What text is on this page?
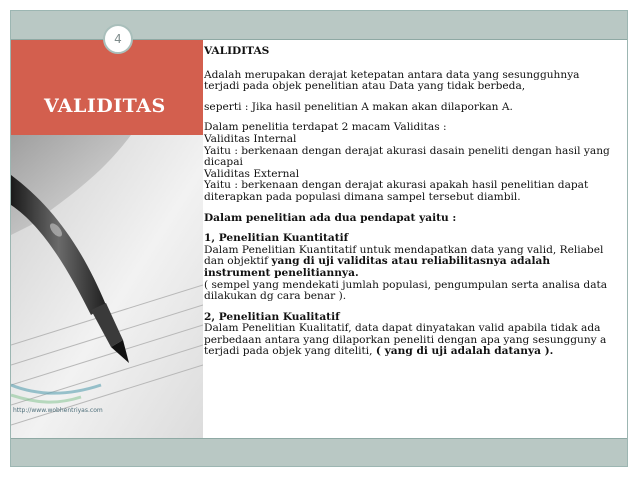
VALIDITAS
4
http://www.wobhentriyas.com

VALIDITAS

Adalah merupakan derajat ketepatan antara data yang sesungguhnya terjadi pada objek penelitian atau Data yang tidak berbeda,

seperti : Jika hasil penelitian A makan akan dilaporkan A.

Dalam penelitia terdapat 2 macam Validitas :

Validitas Internal

Yaitu : berkenaan dengan derajat akurasi dasain peneliti dengan hasil yang dicapai

Validitas External

Yaitu : berkenaan dengan derajat akurasi apakah hasil penelitian dapat diterapkan pada populasi dimana sampel tersebut diambil.

Dalam penelitian ada dua pendapat yaitu :

1, Penelitian Kuantitatif

Dalam Penelitian Kuantitatif untuk mendapatkan data yang valid, Reliabel dan objektif yang di uji validitas atau reliabilitasnya adalah instrument penelitiannya.

( sempel yang mendekati jumlah populasi, pengumpulan serta analisa data dilakukan dg cara benar ).

2, Penelitian Kualitatif

Dalam Penelitian Kualitatif, data dapat dinyatakan valid apabila tidak ada perbedaan antara yang dilaporkan peneliti dengan apa yang sesungguny a terjadi pada objek yang diteliti, ( yang di uji adalah datanya ).
